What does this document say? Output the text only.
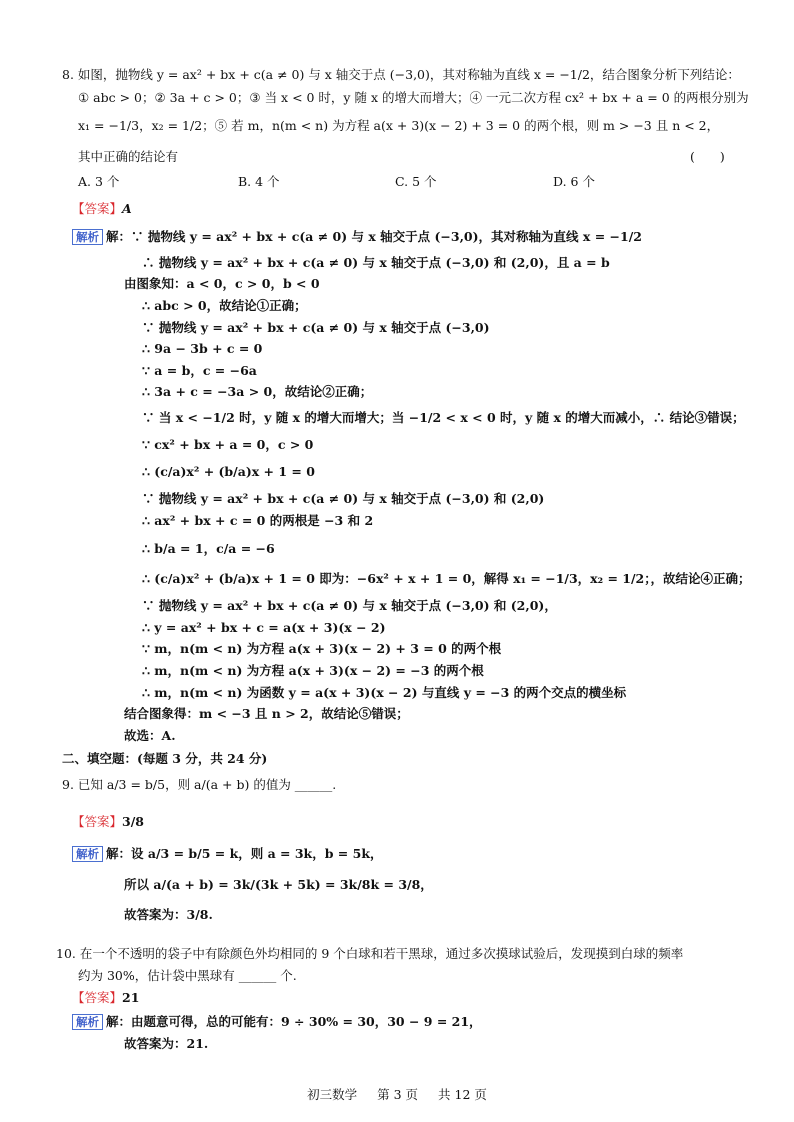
8. 如图，抛物线 y = ax² + bx + c(a ≠ 0) 与 x 轴交于点 (−3,0)，其对称轴为直线 x = −1/2，结合图象分析下列结论：
① abc > 0；② 3a + c > 0；③ 当 x < 0 时，y 随 x 的增大而增大；④ 一元二次方程 cx² + bx + a = 0 的两根分别为
x₁ = −1/3，x₂ = 1/2；⑤ 若 m，n(m < n) 为方程 a(x + 3)(x − 2) + 3 = 0 的两个根，则 m > −3 且 n < 2，
其中正确的结论有	(　　)
A. 3 个	B. 4 个	C. 5 个	D. 6 个
【答案】A
解析 解：∵ 抛物线 y = ax² + bx + c(a ≠ 0) 与 x 轴交于点 (−3,0)，其对称轴为直线 x = −1/2
∴ 抛物线 y = ax² + bx + c(a ≠ 0) 与 x 轴交于点 (−3,0) 和 (2,0)，且 a = b
由图象知：a < 0，c > 0，b < 0
∴ abc > 0，故结论①正确；
∵ 抛物线 y = ax² + bx + c(a ≠ 0) 与 x 轴交于点 (−3,0)
∴ 9a − 3b + c = 0
∵ a = b，c = −6a
∴ 3a + c = −3a > 0，故结论②正确；
∵ 当 x < −1/2 时，y 随 x 的增大而增大；当 −1/2 < x < 0 时，y 随 x 的增大而减小，∴ 结论③错误；
∵ cx² + bx + a = 0，c > 0
∴ (c/a)x² + (b/a)x + 1 = 0
∵ 抛物线 y = ax² + bx + c(a ≠ 0) 与 x 轴交于点 (−3,0) 和 (2,0)
∴ ax² + bx + c = 0 的两根是 −3 和 2
∴ b/a = 1，c/a = −6
∴ (c/a)x² + (b/a)x + 1 = 0 即为：−6x² + x + 1 = 0，解得 x₁ = −1/3，x₂ = 1/2；，故结论④正确；
∵ 抛物线 y = ax² + bx + c(a ≠ 0) 与 x 轴交于点 (−3,0) 和 (2,0)，
∴ y = ax² + bx + c = a(x + 3)(x − 2)
∵ m，n(m < n) 为方程 a(x + 3)(x − 2) + 3 = 0 的两个根
∴ m，n(m < n) 为方程 a(x + 3)(x − 2) = −3 的两个根
∴ m，n(m < n) 为函数 y = a(x + 3)(x − 2) 与直线 y = −3 的两个交点的横坐标
结合图象得：m < −3 且 n > 2，故结论⑤错误；
故选：A.
二、填空题：(每题 3 分，共 24 分)
9. 已知 a/3 = b/5，则 a/(a + b) 的值为 ______.
【答案】3/8
解析 解：设 a/3 = b/5 = k，则 a = 3k，b = 5k，
所以 a/(a + b) = 3k/(3k + 5k) = 3k/8k = 3/8，
故答案为：3/8.
10. 在一个不透明的袋子中有除颜色外均相同的 9 个白球和若干黑球，通过多次摸球试验后，发现摸到白球的频率
约为 30%，估计袋中黑球有 ______ 个.
【答案】21
解析 解：由题意可得，总的可能有：9 ÷ 30% = 30，30 − 9 = 21，
故答案为：21.
初三数学 第 3 页 共 12 页
